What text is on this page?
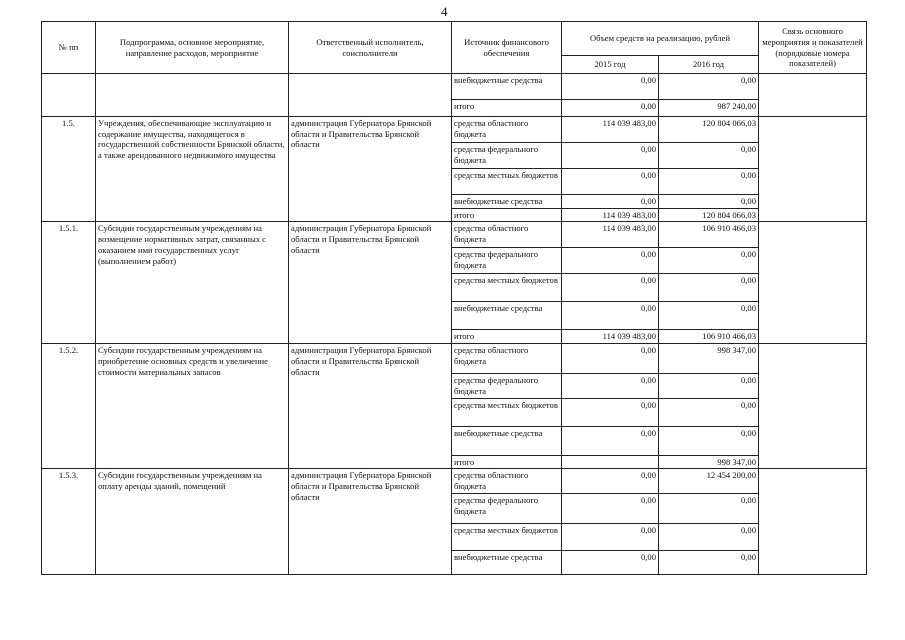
4
№ пп	Подпрограмма, основное мероприятие, направление расходов, мероприятие	Ответственный исполнитель, соисполнители	Источник финансового обеспечения	Объем средств на реализацию, рублей		Связь основного мероприятия и показателей (порядковые номера показателей)
				2015 год	2016 год	
			внебюджетные средства	0,00	0,00	
			итого	0,00	987 240,00	
1.5.	Учреждения, обеспечивающие эксплуатацию и содержание имущества, находящегося в государственной собственности Брянской области, а также арендованного недвижимого имущества	администрация Губернатора Брянской области и Правительства Брянской области	средства областного бюджета	114 039 483,00	120 804 066,03	
			средства федерального бюджета	0,00	0,00	
			средства местных бюджетов	0,00	0,00	
			внебюджетные средства	0,00	0,00	
			итого	114 039 483,00	120 804 066,03	
1.5.1.	Субсидии государственным учреждениям на возмещение нормативных затрат, связанных с оказанием ими государственных услуг (выполнением работ)	администрация Губернатора Брянской области и Правительства Брянской области	средства областного бюджета	114 039 483,00	106 910 466,03	
			средства федерального бюджета	0,00	0,00	
			средства местных бюджетов	0,00	0,00	
			внебюджетные средства	0,00	0,00	
			итого	114 039 483,00	106 910 466,03	
1.5.2.	Субсидии государственным учреждениям на приобретение основных средств и увеличение стоимости материальных запасов	администрация Губернатора Брянской области и Правительства Брянской области	средства областного бюджета	0,00	998 347,00	
			средства федерального бюджета	0,00	0,00	
			средства местных бюджетов	0,00	0,00	
			внебюджетные средства	0,00	0,00	
			итого		998 347,00	
1.5.3.	Субсидии государственным учреждениям на оплату аренды зданий, помещений	администрация Губернатора Брянской области и Правительства Брянской области	средства областного бюджета	0,00	12 454 200,00	
			средства федерального бюджета	0,00	0,00	
			средства местных бюджетов	0,00	0,00	
			внебюджетные средства	0,00	0,00	
